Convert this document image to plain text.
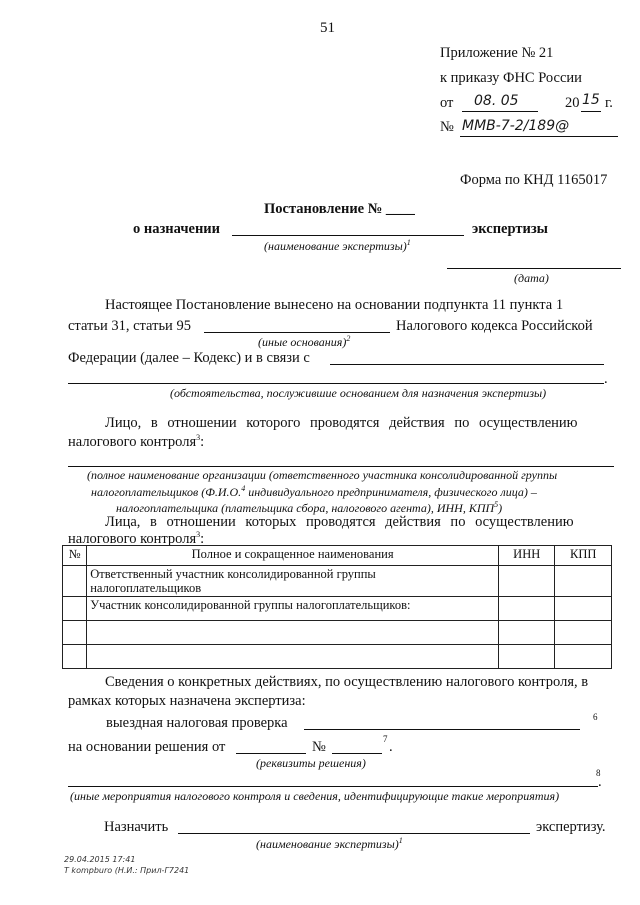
51
Приложение № 21
к приказу ФНС России
от 08. 05	20 15 г.
№ ММВ-7-2/189@
Форма по КНД 1165017
Постановление № ____
о назначении	экспертизы
(наименование экспертизы)$^1$
(дата)
Настоящее Постановление вынесено на основании подпункта 11 пункта 1
статьи 31, статьи 95	Налогового кодекса Российской
(иные основания)$^2$
Федерации (далее – Кодекс) и в связи с
.
(обстоятельства, послужившие основанием для назначения экспертизы)
Лицо, в отношении которого проводятся действия по осуществлению
налогового контроля$^3$:
(полное наименование организации (ответственного участника консолидированной группы
налогоплательщиков (Ф.И.О.$^4$ индивидуального предпринимателя, физического лица) –
налогоплательщика (плательщика сбора, налогового агента), ИНН, КПП$^5$)
Лица, в отношении которых проводятся действия по осуществлению
налогового контроля$^3$:
№	Полное и сокращенное наименования	ИНН	КПП
	Ответственный участник консолидированной группы налогоплательщиков		
	Участник консолидированной группы налогоплательщиков:		

Сведения о конкретных действиях, по осуществлению налогового контроля, в
рамках которых назначена экспертиза:
выездная налоговая проверка	6
на основании решения от	№	7 .
(реквизиты решения)
8
.
(иные мероприятия налогового контроля и сведения, идентифицирующие такие мероприятия)
Назначить	экспертизу.
(наименование экспертизы)$^1$
29.04.2015 17:41
Т kompburo (Н.И.: Прил-Г7241
